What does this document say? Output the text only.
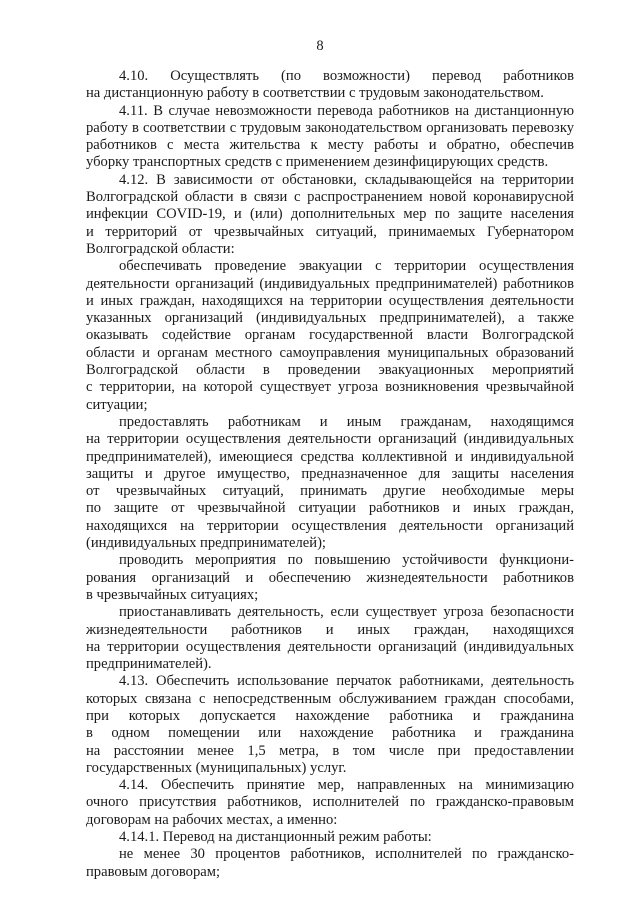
8
4.10. Осуществлять (по возможности) перевод работников
на дистанционную работу в соответствии с трудовым законодательством.
4.11. В случае невозможности перевода работников на дистанционную
работу в соответствии с трудовым законодательством организовать перевозку
работников с места жительства к месту работы и обратно, обеспечив
уборку транспортных средств с применением дезинфицирующих средств.
4.12. В зависимости от обстановки, складывающейся на территории
Волгоградской области в связи с распространением новой коронавирусной
инфекции COVID-19, и (или) дополнительных мер по защите населения
и территорий от чрезвычайных ситуаций, принимаемых Губернатором
Волгоградской области:
обеспечивать проведение эвакуации с территории осуществления
деятельности организаций (индивидуальных предпринимателей) работников
и иных граждан, находящихся на территории осуществления деятельности
указанных организаций (индивидуальных предпринимателей), а также
оказывать содействие органам государственной власти Волгоградской
области и органам местного самоуправления муниципальных образований
Волгоградской области в проведении эвакуационных мероприятий
с территории, на которой существует угроза возникновения чрезвычайной
ситуации;
предоставлять работникам и иным гражданам, находящимся
на территории осуществления деятельности организаций (индивидуальных
предпринимателей), имеющиеся средства коллективной и индивидуальной
защиты и другое имущество, предназначенное для защиты населения
от чрезвычайных ситуаций, принимать другие необходимые меры
по защите от чрезвычайной ситуации работников и иных граждан,
находящихся на территории осуществления деятельности организаций
(индивидуальных предпринимателей);
проводить мероприятия по повышению устойчивости функциони-
рования организаций и обеспечению жизнедеятельности работников
в чрезвычайных ситуациях;
приостанавливать деятельность, если существует угроза безопасности
жизнедеятельности работников и иных граждан, находящихся
на территории осуществления деятельности организаций (индивидуальных
предпринимателей).
4.13. Обеспечить использование перчаток работниками, деятельность
которых связана с непосредственным обслуживанием граждан способами,
при которых допускается нахождение работника и гражданина
в одном помещении или нахождение работника и гражданина
на расстоянии менее 1,5 метра, в том числе при предоставлении
государственных (муниципальных) услуг.
4.14. Обеспечить принятие мер, направленных на минимизацию
очного присутствия работников, исполнителей по гражданско-правовым
договорам на рабочих местах, а именно:
4.14.1. Перевод на дистанционный режим работы:
не менее 30 процентов работников, исполнителей по гражданско-
правовым договорам;
